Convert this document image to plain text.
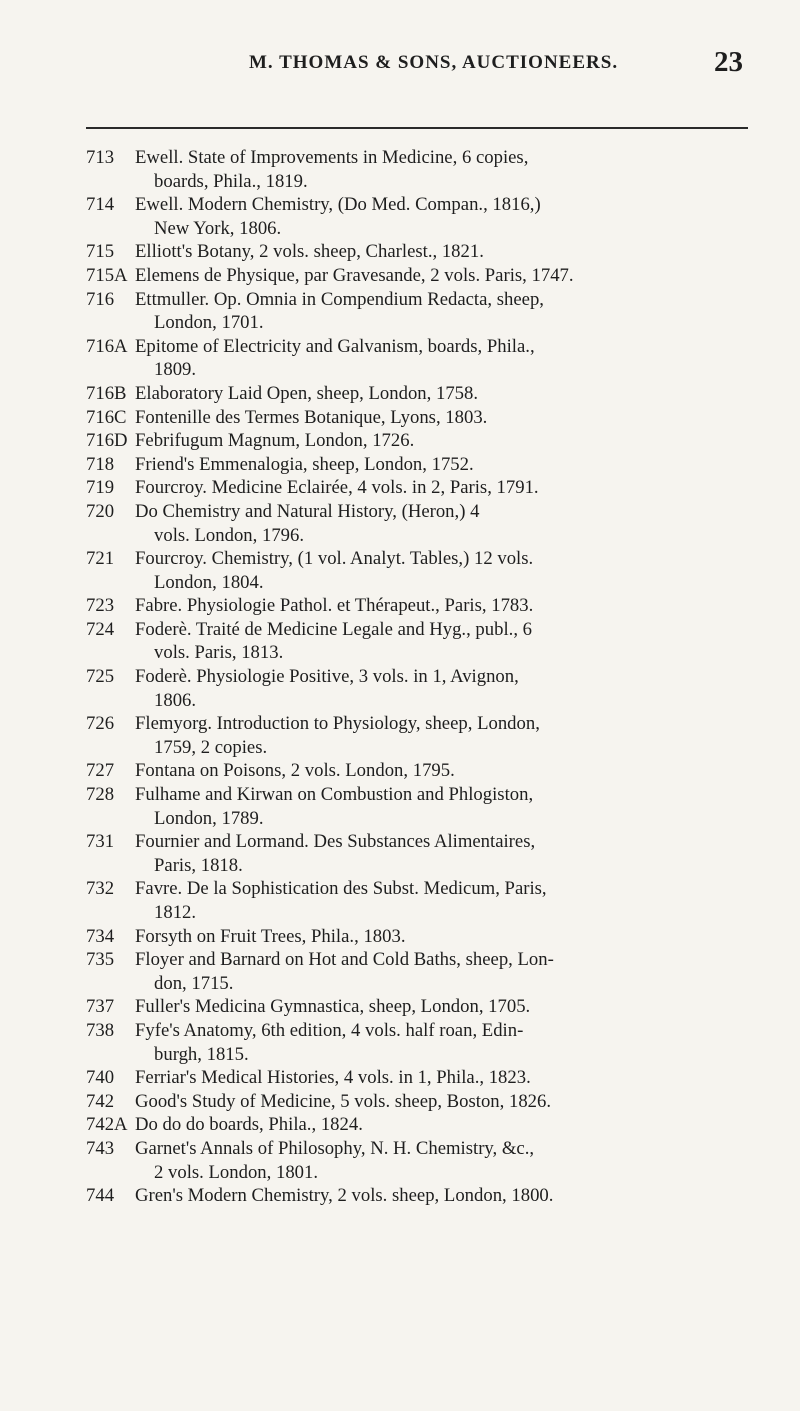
M. THOMAS & SONS, AUCTIONEERS.	23
713 Ewell. State of Improvements in Medicine, 6 copies,
boards, Phila., 1819.
714 Ewell. Modern Chemistry, (Do Med. Compan., 1816,)
New York, 1806.
715 Elliott's Botany, 2 vols. sheep, Charlest., 1821.
715A Elemens de Physique, par Gravesande, 2 vols. Paris, 1747.
716 Ettmuller. Op. Omnia in Compendium Redacta, sheep,
London, 1701.
716A Epitome of Electricity and Galvanism, boards, Phila.,
1809.
716B Elaboratory Laid Open, sheep, London, 1758.
716C Fontenille des Termes Botanique, Lyons, 1803.
716D Febrifugum Magnum, London, 1726.
718 Friend's Emmenalogia, sheep, London, 1752.
719 Fourcroy. Medicine Eclairée, 4 vols. in 2, Paris, 1791.
720 Do Chemistry and Natural History, (Heron,) 4
vols. London, 1796.
721 Fourcroy. Chemistry, (1 vol. Analyt. Tables,) 12 vols.
London, 1804.
723 Fabre. Physiologie Pathol. et Thérapeut., Paris, 1783.
724 Foderè. Traité de Medicine Legale and Hyg., publ., 6
vols. Paris, 1813.
725 Foderè. Physiologie Positive, 3 vols. in 1, Avignon,
1806.
726 Flemyorg. Introduction to Physiology, sheep, London,
1759, 2 copies.
727 Fontana on Poisons, 2 vols. London, 1795.
728 Fulhame and Kirwan on Combustion and Phlogiston,
London, 1789.
731 Fournier and Lormand. Des Substances Alimentaires,
Paris, 1818.
732 Favre. De la Sophistication des Subst. Medicum, Paris,
1812.
734 Forsyth on Fruit Trees, Phila., 1803.
735 Floyer and Barnard on Hot and Cold Baths, sheep, Lon-
don, 1715.
737 Fuller's Medicina Gymnastica, sheep, London, 1705.
738 Fyfe's Anatomy, 6th edition, 4 vols. half roan, Edin-
burgh, 1815.
740 Ferriar's Medical Histories, 4 vols. in 1, Phila., 1823.
742 Good's Study of Medicine, 5 vols. sheep, Boston, 1826.
742A Do do do boards, Phila., 1824.
743 Garnet's Annals of Philosophy, N. H. Chemistry, &c.,
2 vols. London, 1801.
744 Gren's Modern Chemistry, 2 vols. sheep, London, 1800.
